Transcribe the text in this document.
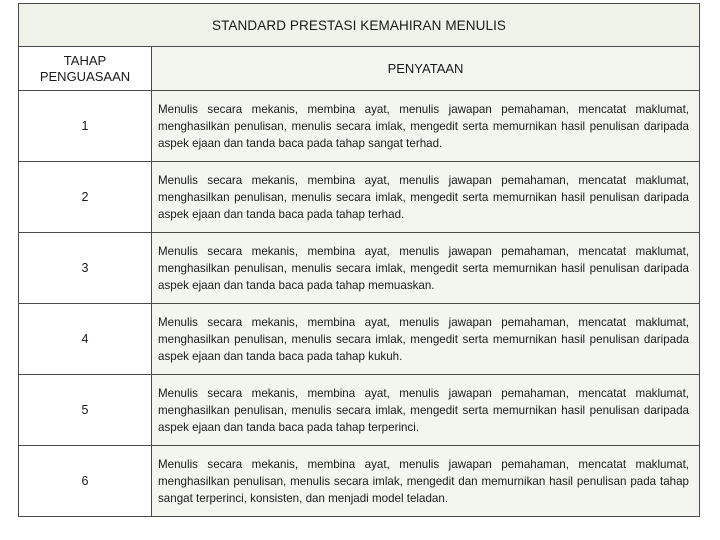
STANDARD PRESTASI KEMAHIRAN MENULIS	
TAHAP PENGUASAAN	PENYATAAN
1	Menulis secara mekanis, membina ayat, menulis jawapan pemahaman, mencatat maklumat, menghasilkan penulisan, menulis secara imlak, mengedit serta memurnikan hasil penulisan daripada aspek ejaan dan tanda baca pada tahap sangat terhad.
2	Menulis secara mekanis, membina ayat, menulis jawapan pemahaman, mencatat maklumat, menghasilkan penulisan, menulis secara imlak, mengedit serta memurnikan hasil penulisan daripada aspek ejaan dan tanda baca pada tahap terhad.
3	Menulis secara mekanis, membina ayat, menulis jawapan pemahaman, mencatat maklumat, menghasilkan penulisan, menulis secara imlak, mengedit serta memurnikan hasil penulisan daripada aspek ejaan dan tanda baca pada tahap memuaskan.
4	Menulis secara mekanis, membina ayat, menulis jawapan pemahaman, mencatat maklumat, menghasilkan penulisan, menulis secara imlak, mengedit serta memurnikan hasil penulisan daripada aspek ejaan dan tanda baca pada tahap kukuh.
5	Menulis secara mekanis, membina ayat, menulis jawapan pemahaman, mencatat maklumat, menghasilkan penulisan, menulis secara imlak, mengedit serta memurnikan hasil penulisan daripada aspek ejaan dan tanda baca pada tahap terperinci.
6	Menulis secara mekanis, membina ayat, menulis jawapan pemahaman, mencatat maklumat, menghasilkan penulisan, menulis secara imlak, mengedit dan memurnikan hasil penulisan pada tahap sangat terperinci, konsisten, dan menjadi model teladan.
